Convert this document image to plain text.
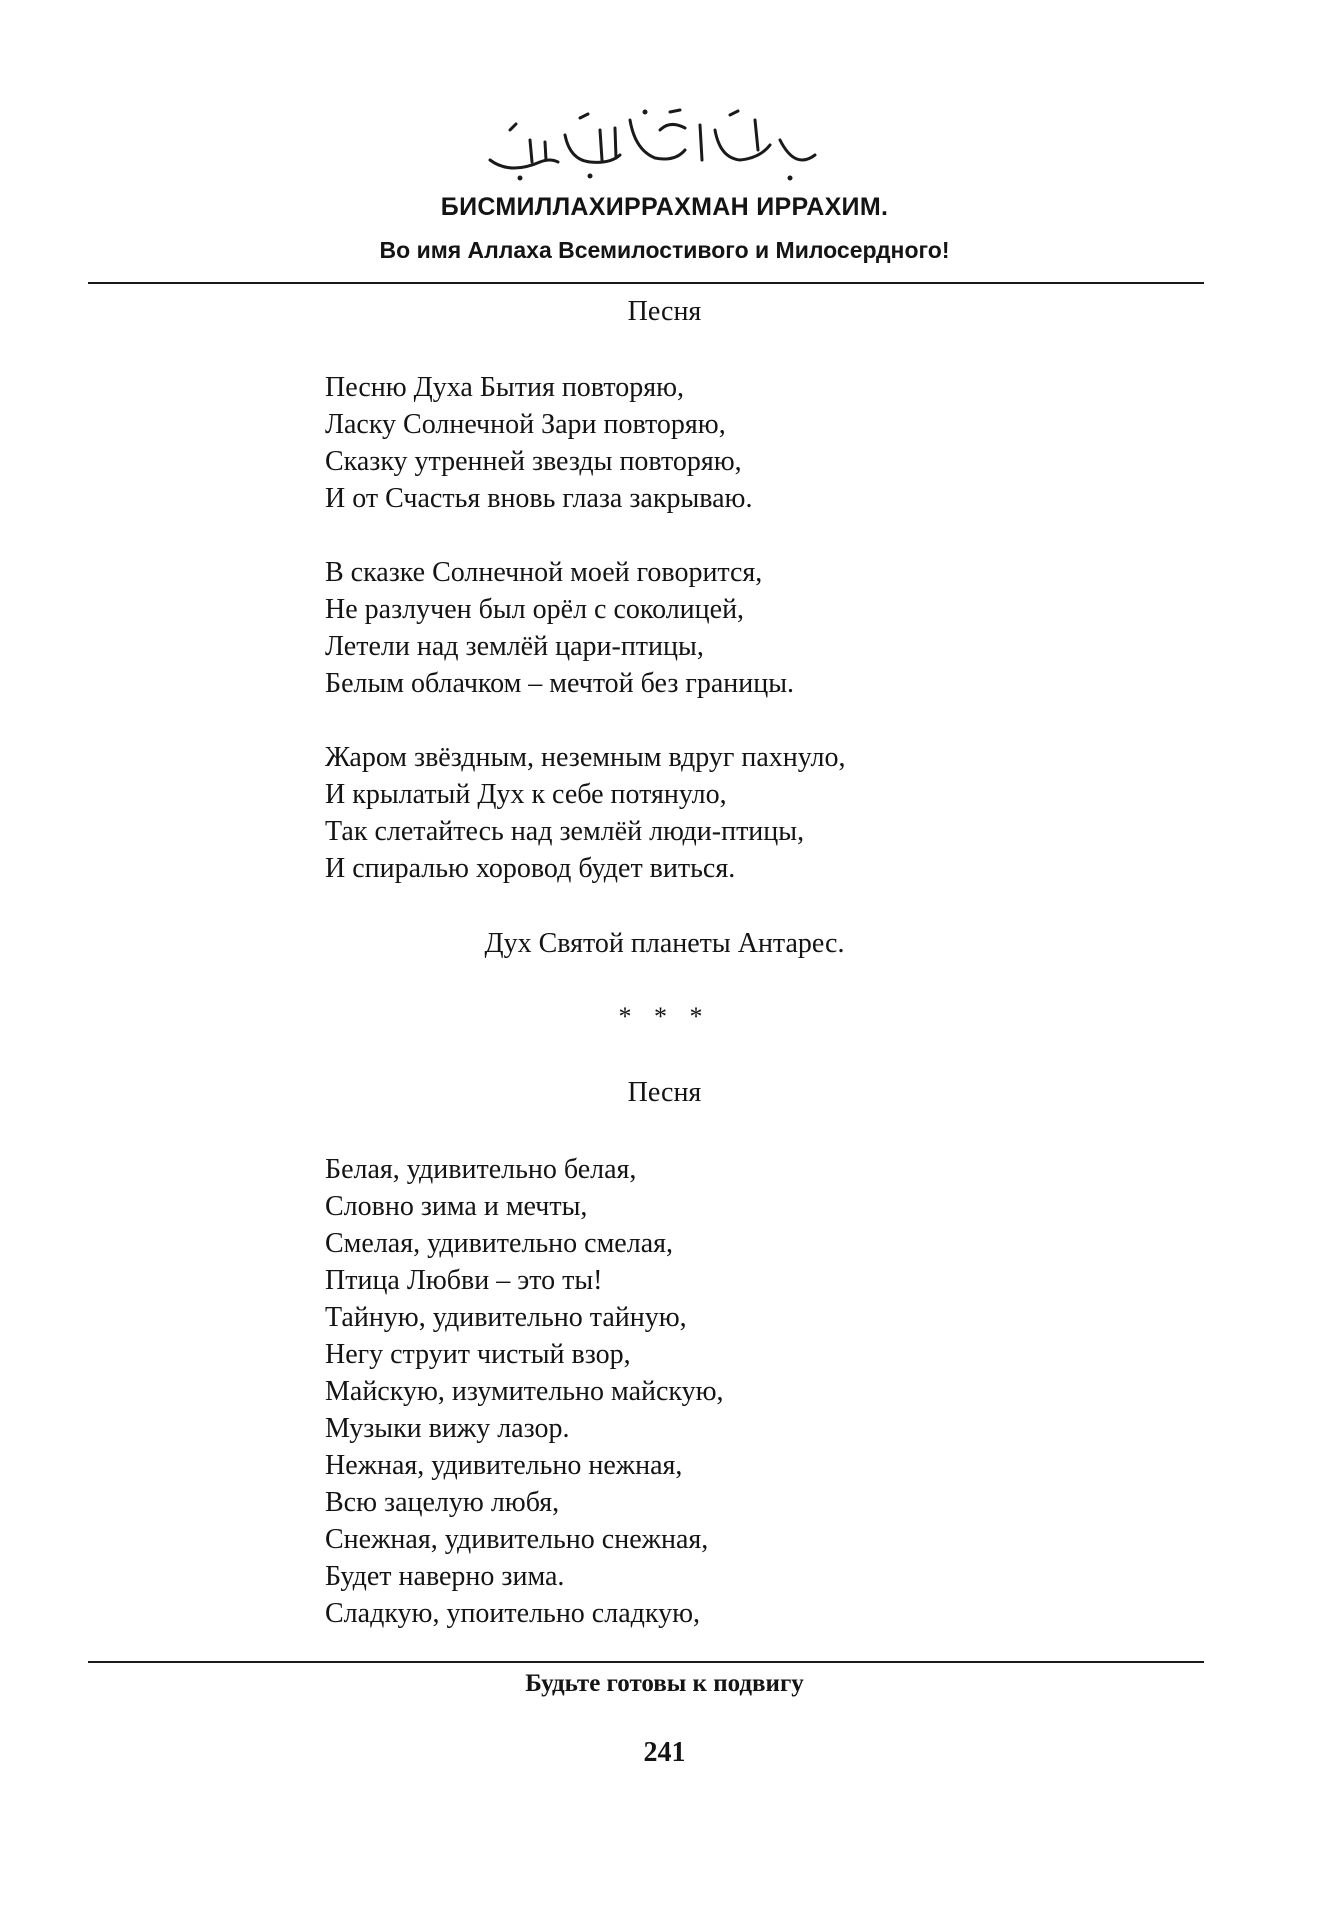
БИСМИЛЛАХИРРАХМАН ИРРАХИМ.
Во имя Аллаха Всемилостивого и Милосердного!
Песня
Песню Духа Бытия повторяю,
Ласку Солнечной Зари повторяю,
Сказку утренней звезды повторяю,
И от Счастья вновь глаза закрываю.
В сказке Солнечной моей говорится,
Не разлучен был орёл с соколицей,
Летели над землёй цари-птицы,
Белым облачком – мечтой без границы.
Жаром звёздным, неземным вдруг пахнуло,
И крылатый Дух к себе потянуло,
Так слетайтесь над землёй люди-птицы,
И спиралью хоровод будет виться.
Дух Святой планеты Антарес.
* * *
Песня
Белая, удивительно белая,
Словно зима и мечты,
Смелая, удивительно смелая,
Птица Любви – это ты!
Тайную, удивительно тайную,
Негу струит чистый взор,
Майскую, изумительно майскую,
Музыки вижу лазор.
Нежная, удивительно нежная,
Всю зацелую любя,
Снежная, удивительно снежная,
Будет наверно зима.
Сладкую, упоительно сладкую,
Будьте готовы к подвигу
241
